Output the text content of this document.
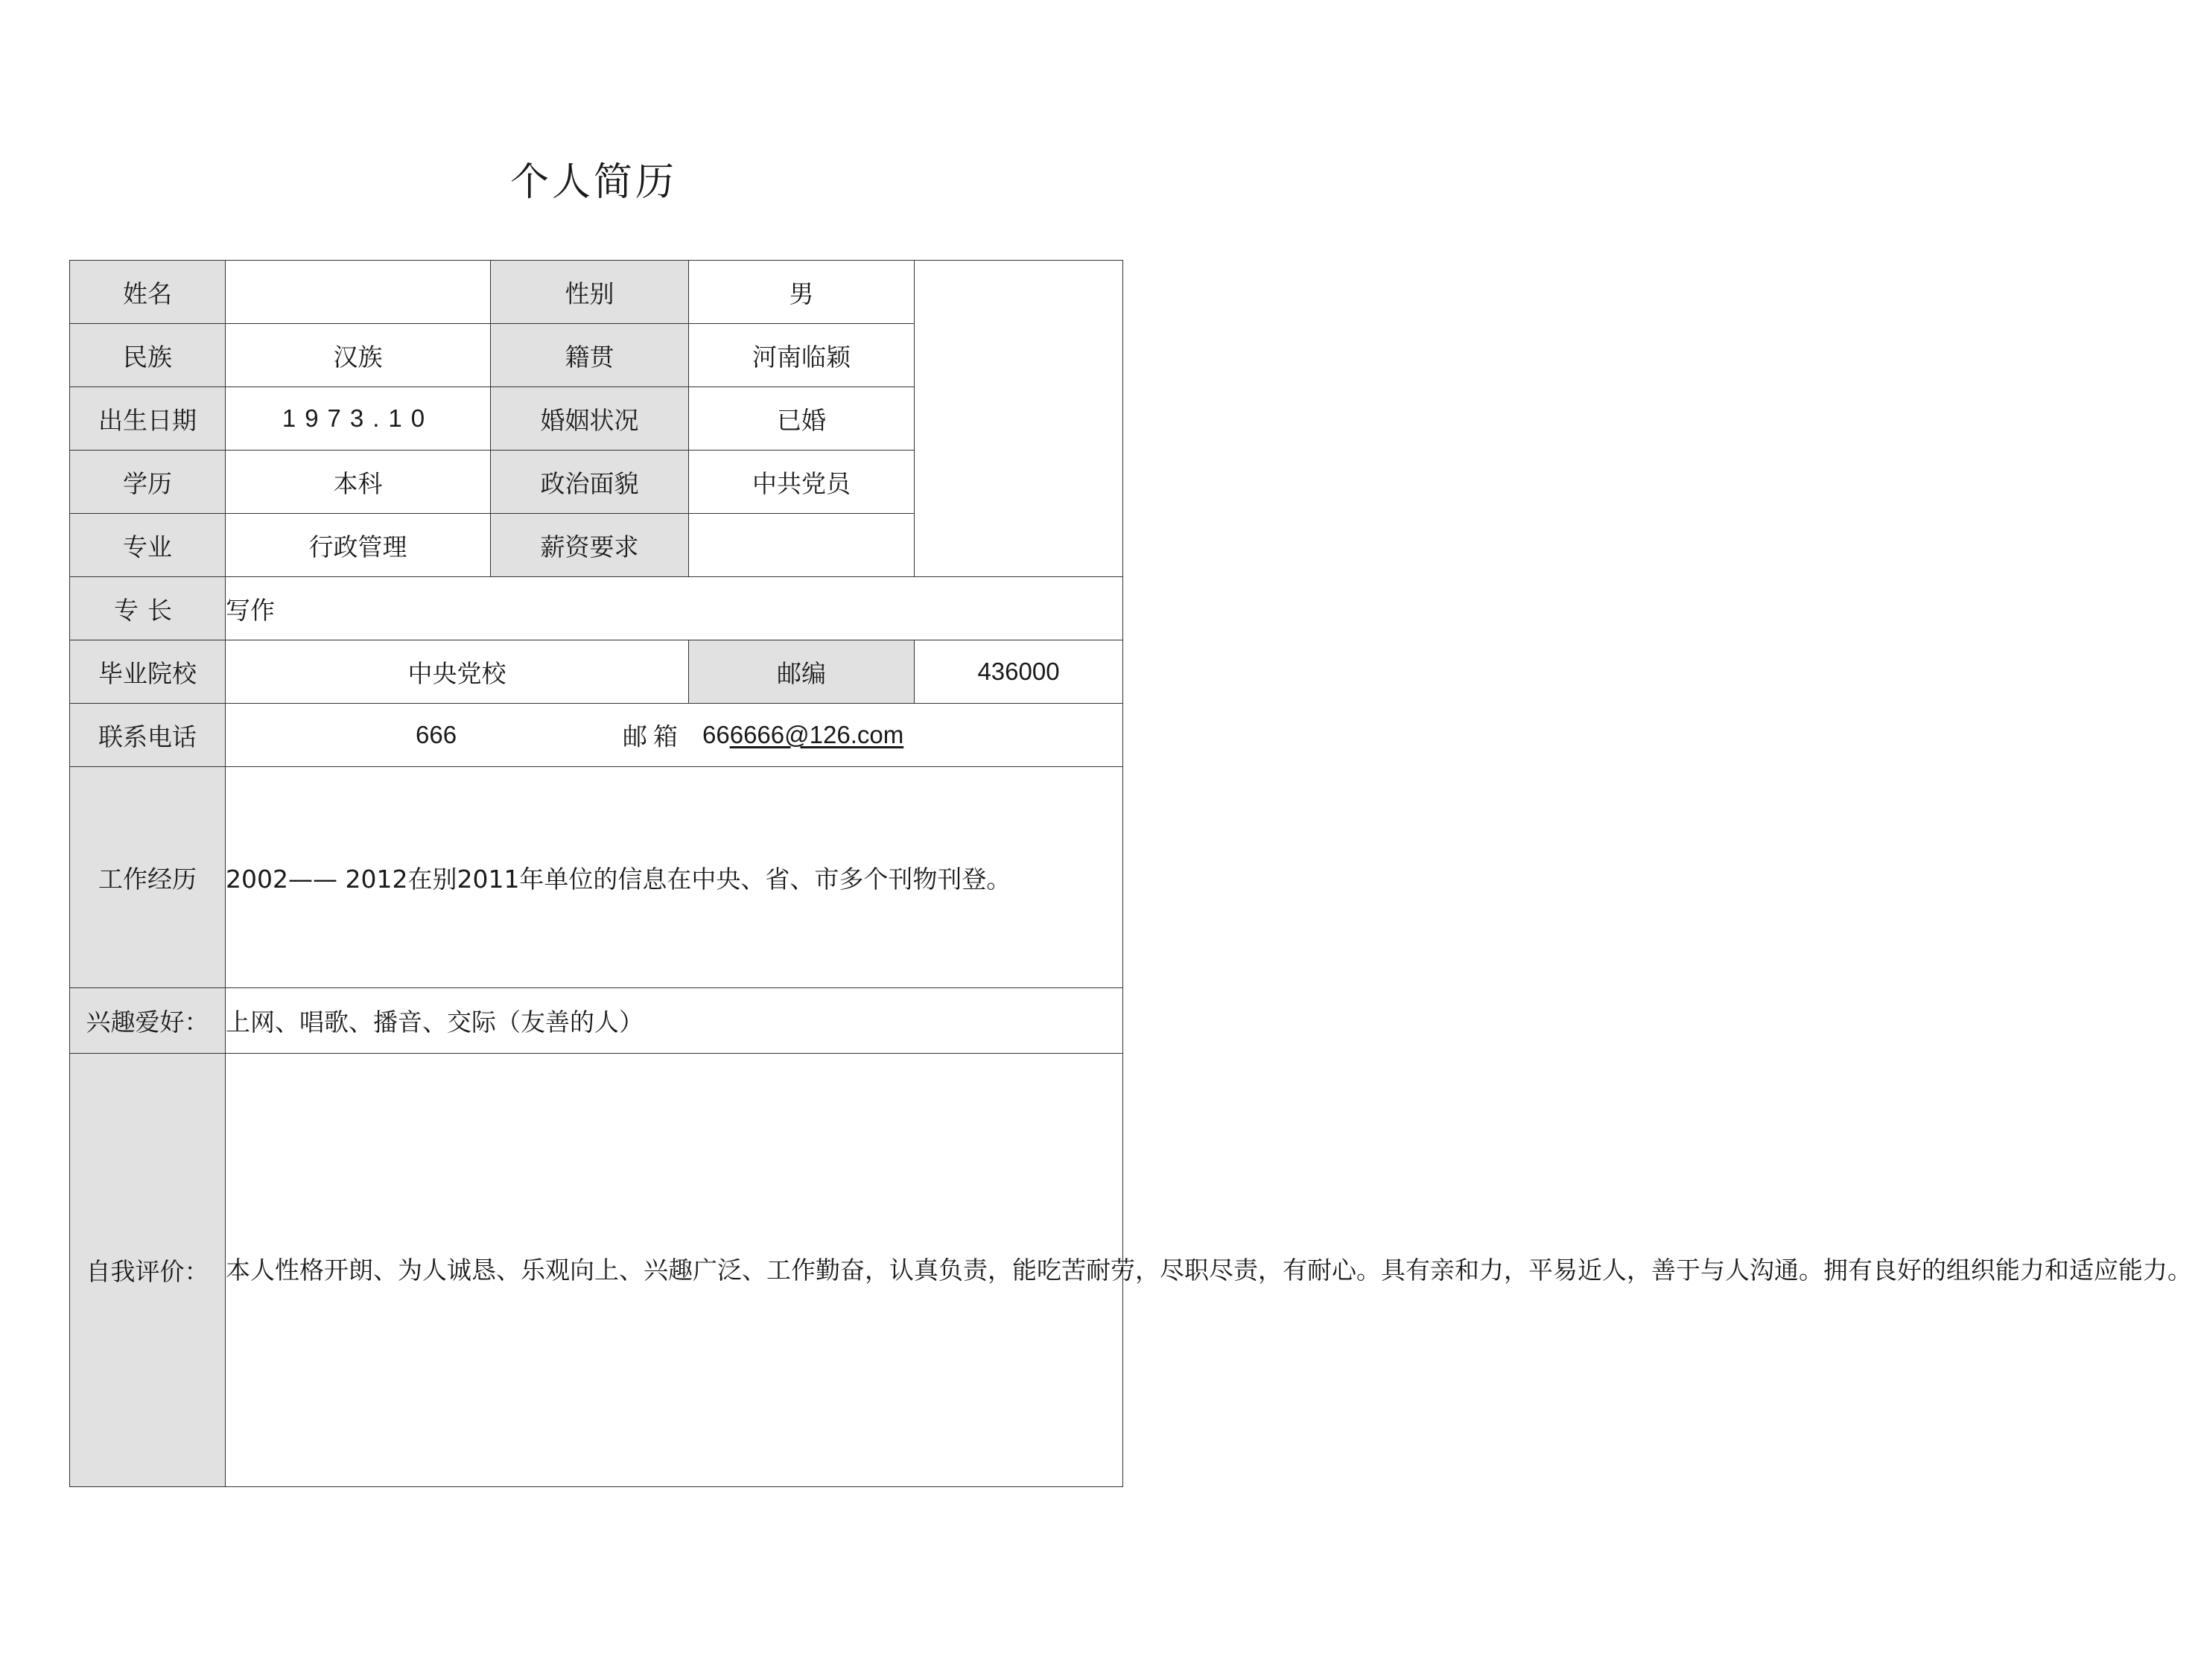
个人简历
姓名		性别	男	
民族	汉族	籍贯	河南临颖	
出生日期	1973.10	婚姻状况	已婚	
学历	本科	政治面貌	中共党员	
专业	行政管理	薪资要求		
专长	写作			
毕业院校	中央党校		邮编	436000
联系电话	666 邮箱 666666@126.com			

工作经历	2002—— 2012在别2011年单位的信息在中央、省、市多个刊物刊登。			
兴趣爱好：	上网、唱歌、播音、交际（友善的人）			
自我评价：	本人性格开朗、为人诚恳、乐观向上、兴趣广泛、工作勤奋，认真负责，能吃苦耐劳，尽职尽责，有耐心。具有亲和力，平易近人，善于与人沟通。拥有良好的组织能力和适应能力。			
